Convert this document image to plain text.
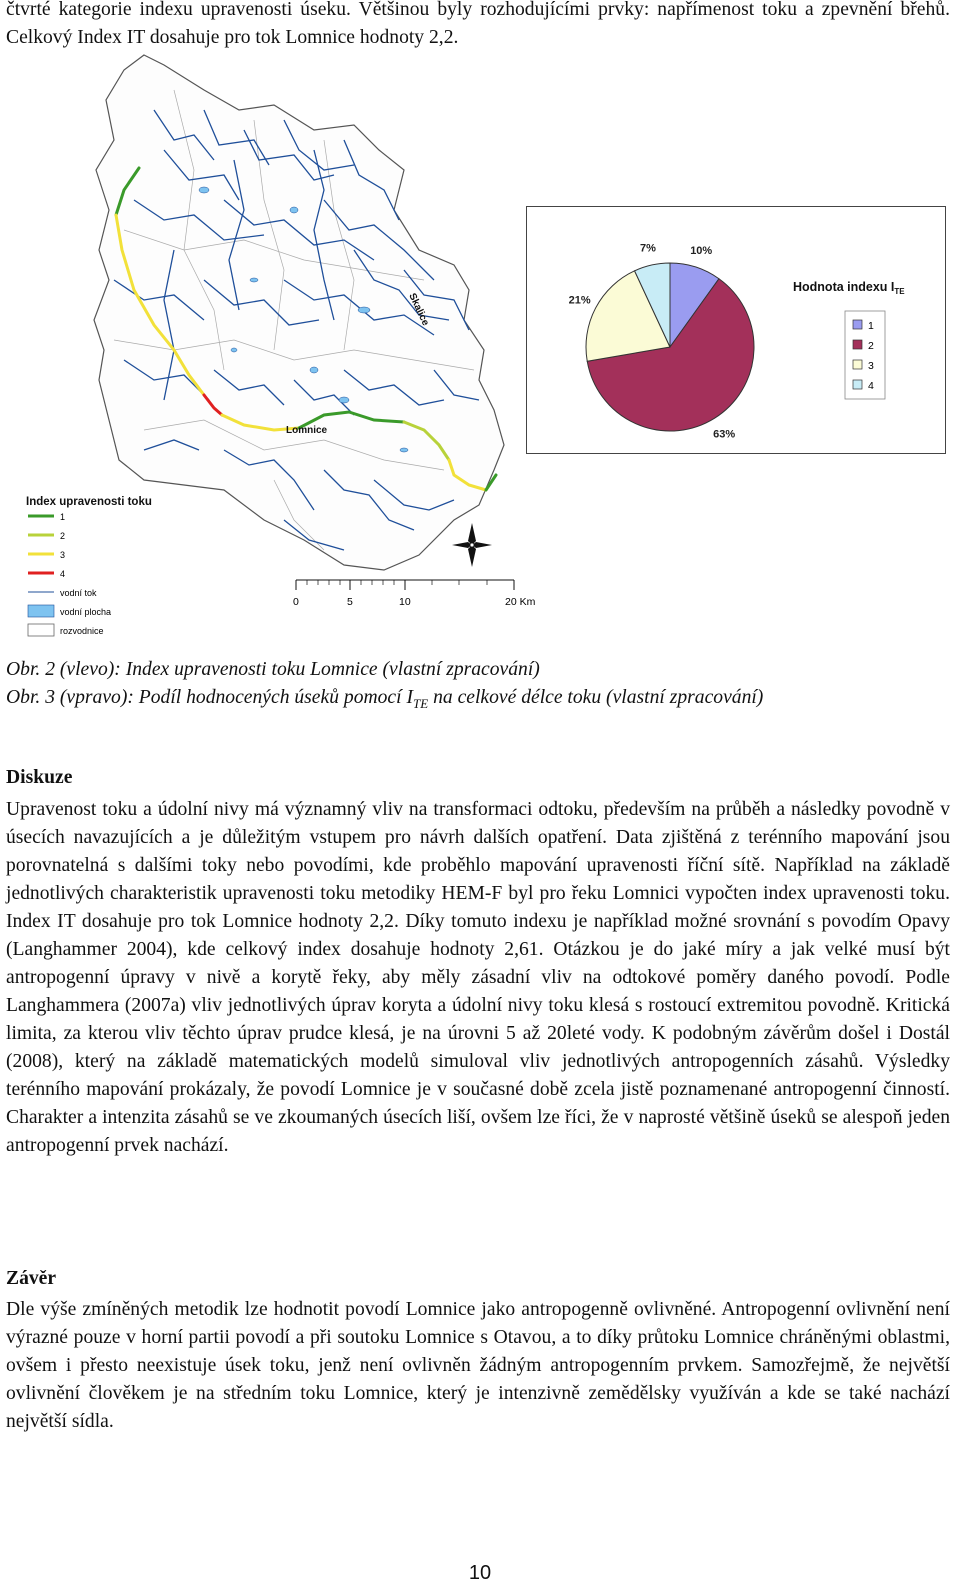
čtvrté kategorie indexu upravenosti úseku. Většinou byly rozhodujícími prvky: napřímenost toku a zpevnění břehů. Celkový Index IT dosahuje pro tok Lomnice hodnoty 2,2.

Lomnice
Skalice
Index upravenosti toku
1
2
3
4
vodní tok
vodní plocha
rozvodnice
0	5	10	20 Km
10%
63%
21%
7%
Hodnota indexu $I_{TE}$
1
2
3
4

Obr. 2 (vlevo): Index upravenosti toku Lomnice (vlastní zpracování)

Obr. 3 (vpravo): Podíl hodnocených úseků pomocí $I_{TE}$ na celkové délce toku (vlastní zpracování)

Diskuze

Upravenost toku a údolní nivy má významný vliv na transformaci odtoku, především na průběh a následky povodně v úsecích navazujících a je důležitým vstupem pro návrh dalších opatření. Data zjištěná z terénního mapování jsou porovnatelná s dalšími toky nebo povodími, kde proběhlo mapování upravenosti říční sítě. Například na základě jednotlivých charakteristik upravenosti toku metodiky HEM-F byl pro řeku Lomnici vypočten index upravenosti toku. Index IT dosahuje pro tok Lomnice hodnoty 2,2. Díky tomuto indexu je například možné srovnání s povodím Opavy (Langhammer 2004), kde celkový index dosahuje hodnoty 2,61. Otázkou je do jaké míry a jak velké musí být antropogenní úpravy v nivě a korytě řeky, aby měly zásadní vliv na odtokové poměry daného povodí. Podle Langhammera (2007a) vliv jednotlivých úprav koryta a údolní nivy toku klesá s rostoucí extremitou povodně. Kritická limita, za kterou vliv těchto úprav prudce klesá, je na úrovni 5 až 20leté vody. K podobným závěrům došel i Dostál (2008), který na základě matematických modelů simuloval vliv jednotlivých antropogenních zásahů. Výsledky terénního mapování prokázaly, že povodí Lomnice je v současné době zcela jistě poznamenané antropogenní činností. Charakter a intenzita zásahů se ve zkoumaných úsecích liší, ovšem lze říci, že v naprosté většině úseků se alespoň jeden antropogenní prvek nachází.

Závěr

Dle výše zmíněných metodik lze hodnotit povodí Lomnice jako antropogenně ovlivněné. Antropogenní ovlivnění není výrazné pouze v horní partii povodí a při soutoku Lomnice s Otavou, a to díky průtoku Lomnice chráněnými oblastmi, ovšem i přesto neexistuje úsek toku, jenž není ovlivněn žádným antropogenním prvkem. Samozřejmě, že největší ovlivnění člověkem je na středním toku Lomnice, který je intenzivně zemědělsky využíván a kde se také nachází největší sídla.

10
